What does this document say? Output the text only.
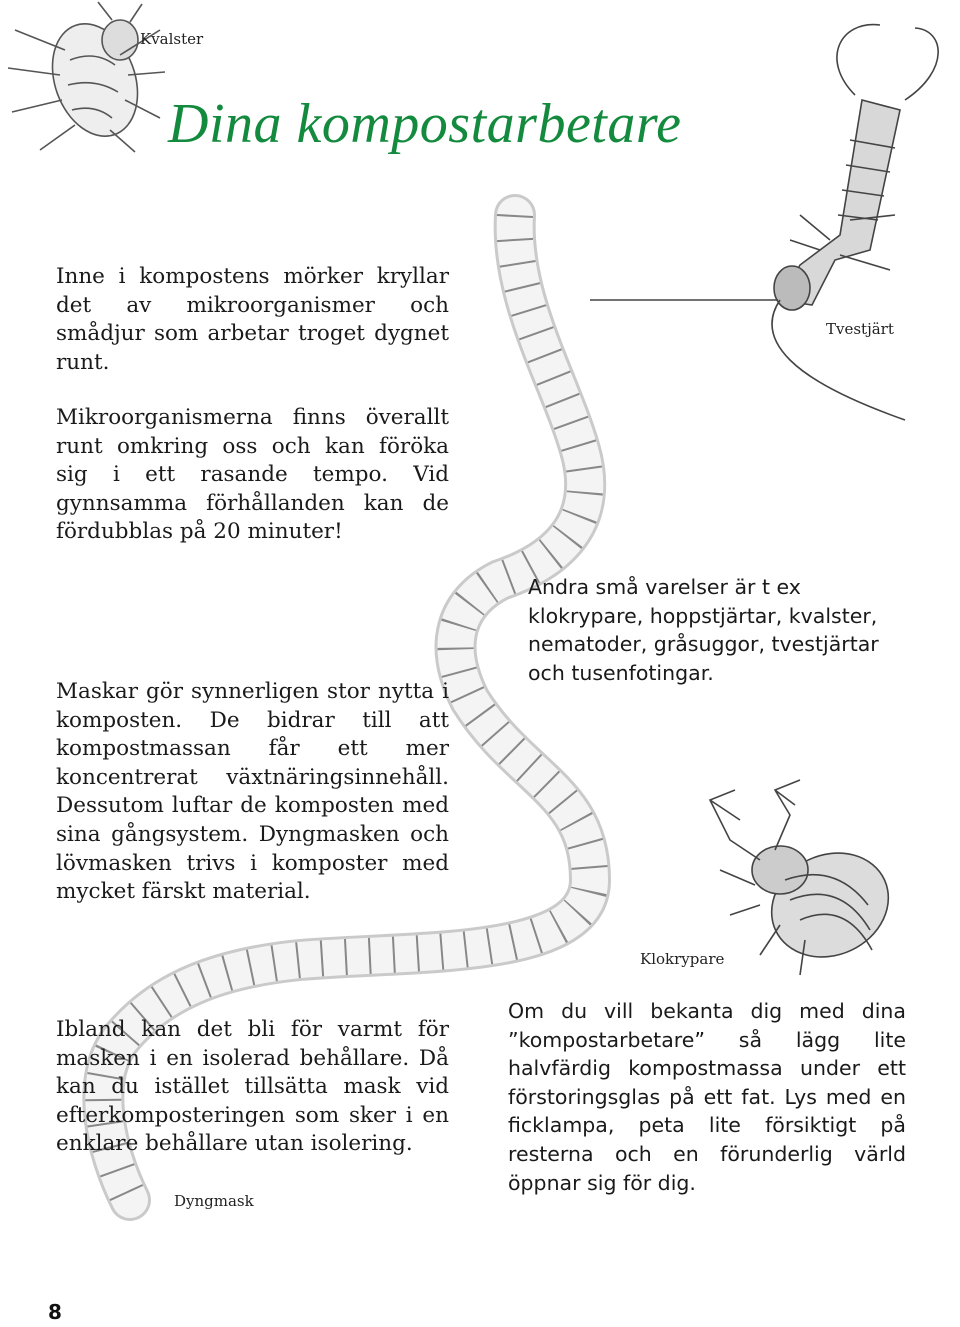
Kvalster
Dina kompostarbetare
Tvestjärt

Inne i kompostens mörker kryllar det av mikroorganismer och smådjur som arbetar troget dygnet runt.

Mikroorganismerna finns överallt runt omkring oss och kan föröka sig i ett rasande tempo. Vid gynnsamma förhållanden kan de fördubblas på 20 minuter!

Maskar gör synnerligen stor nytta i komposten. De bidrar till att kompostmassan får ett mer koncentrerat växtnäringsinnehåll. Dessutom luftar de komposten med sina gångsystem. Dyngmasken och lövmasken trivs i komposter med mycket färskt material.

Andra små varelser är t ex klokrypare, hoppstjärtar, kvalster, nematoder, gråsuggor, tvestjärtar och tusenfotingar.

Klokrypare

Ibland kan det bli för varmt för masken i en isolerad behållare. Då kan du istället tillsätta mask vid efterkomposteringen som sker i en enklare behållare utan isolering.

Om du vill bekanta dig med dina ”kompostarbetare” så lägg lite halvfärdig kompostmassa under ett förstoringsglas på ett fat. Lys med en ficklampa, peta lite försiktigt på resterna och en förunderlig värld öppnar sig för dig.

Dyngmask
8
